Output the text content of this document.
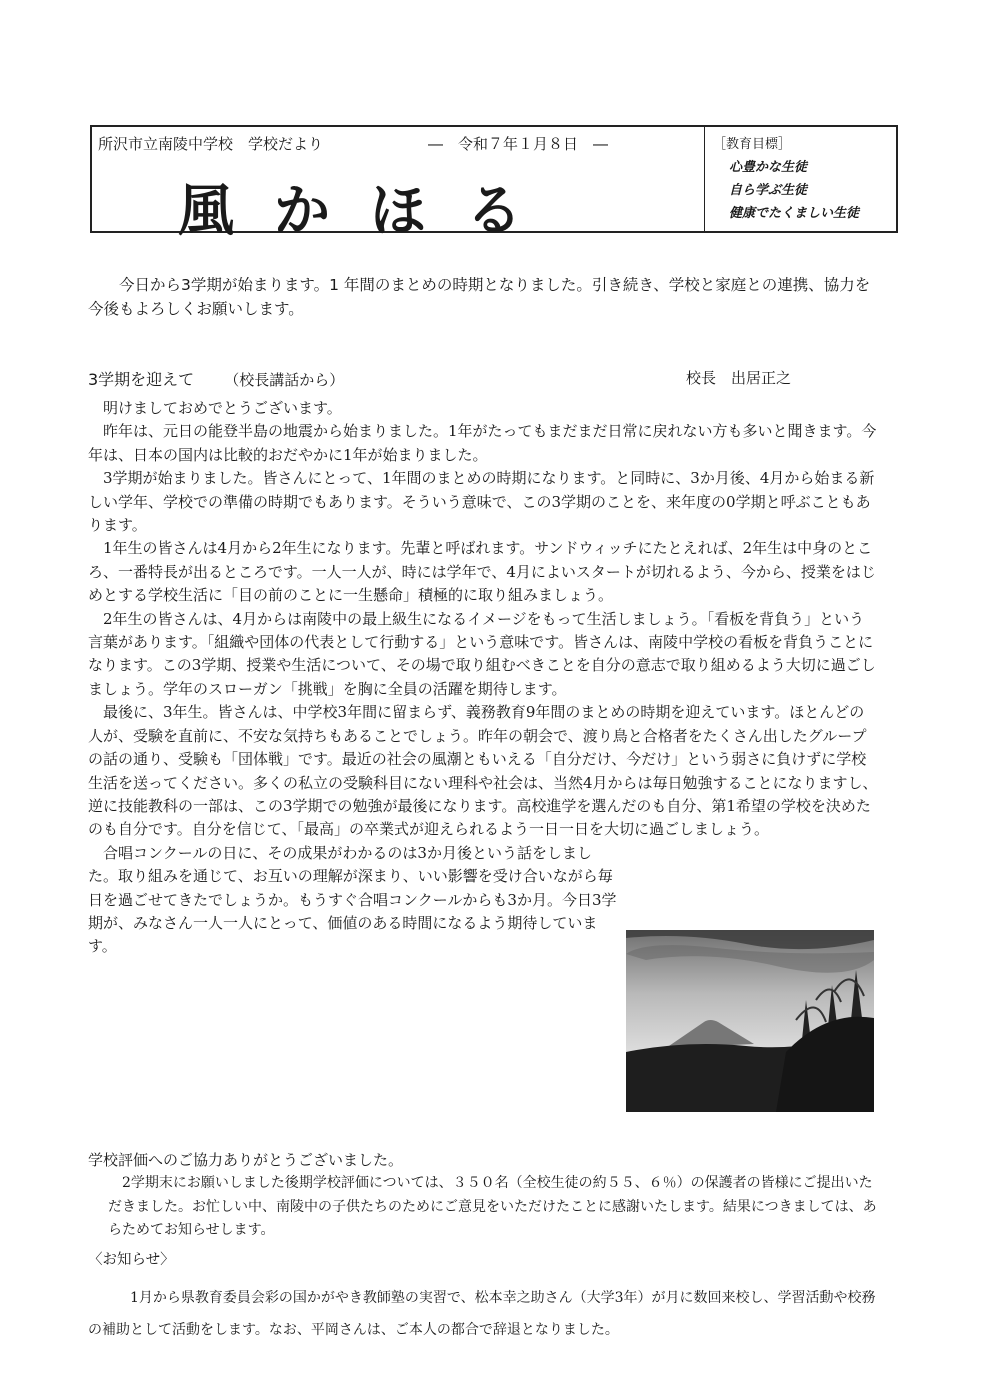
所沢市立南陵中学校　学校だより	―　令和７年１月８日　―
風かほる
［教育目標］
心豊かな生徒
自ら学ぶ生徒
健康でたくましい生徒
今日から3学期が始まります。1 年間のまとめの時期となりました。引き続き、学校と家庭との連携、協力を今後もよろしくお願いします。
3学期を迎えて （校長講話から）	校長　出居正之

明けましておめでとうございます。

昨年は、元日の能登半島の地震から始まりました。1年がたってもまだまだ日常に戻れない方も多いと聞きます。今年は、日本の国内は比較的おだやかに1年が始まりました。

3学期が始まりました。皆さんにとって、1年間のまとめの時期になります。と同時に、3か月後、4月から始まる新しい学年、学校での準備の時期でもあります。そういう意味で、この3学期のことを、来年度の0学期と呼ぶこともあります。

1年生の皆さんは4月から2年生になります。先輩と呼ばれます。サンドウィッチにたとえれば、2年生は中身のところ、一番特長が出るところです。一人一人が、時には学年で、4月によいスタートが切れるよう、今から、授業をはじめとする学校生活に「目の前のことに一生懸命」積極的に取り組みましょう。

2年生の皆さんは、4月からは南陵中の最上級生になるイメージをもって生活しましょう。「看板を背負う」という言葉があります。「組織や団体の代表として行動する」という意味です。皆さんは、南陵中学校の看板を背負うことになります。この3学期、授業や生活について、その場で取り組むべきことを自分の意志で取り組めるよう大切に過ごしましょう。学年のスローガン「挑戦」を胸に全員の活躍を期待します。

最後に、3年生。皆さんは、中学校3年間に留まらず、義務教育9年間のまとめの時期を迎えています。ほとんどの人が、受験を直前に、不安な気持ちもあることでしょう。昨年の朝会で、渡り鳥と合格者をたくさん出したグループの話の通り、受験も「団体戦」です。最近の社会の風潮ともいえる「自分だけ、今だけ」という弱さに負けずに学校生活を送ってください。多くの私立の受験科目にない理科や社会は、当然4月からは毎日勉強することになりますし、逆に技能教科の一部は、この3学期での勉強が最後になります。高校進学を選んだのも自分、第1希望の学校を決めたのも自分です。自分を信じて、「最高」の卒業式が迎えられるよう一日一日を大切に過ごしましょう。

合唱コンクールの日に、その成果がわかるのは3か月後という話をしました。取り組みを通じて、お互いの理解が深まり、いい影響を受け合いながら毎日を過ごせてきたでしょうか。もうすぐ合唱コンクールからも3か月。今日3学期が、みなさん一人一人にとって、価値のある時間になるよう期待しています。

学校評価へのご協力ありがとうございました。

2学期末にお願いしました後期学校評価については、３５０名（全校生徒の約５５、６％）の保護者の皆様にご提出いただきました。お忙しい中、南陵中の子供たちのためにご意見をいただけたことに感謝いたします。結果につきましては、あらためてお知らせします。

〈お知らせ〉

1月から県教育委員会彩の国かがやき教師塾の実習で、松本幸之助さん（大学3年）が月に数回来校し、学習活動や校務の補助として活動をします。なお、平岡さんは、ご本人の都合で辞退となりました。
